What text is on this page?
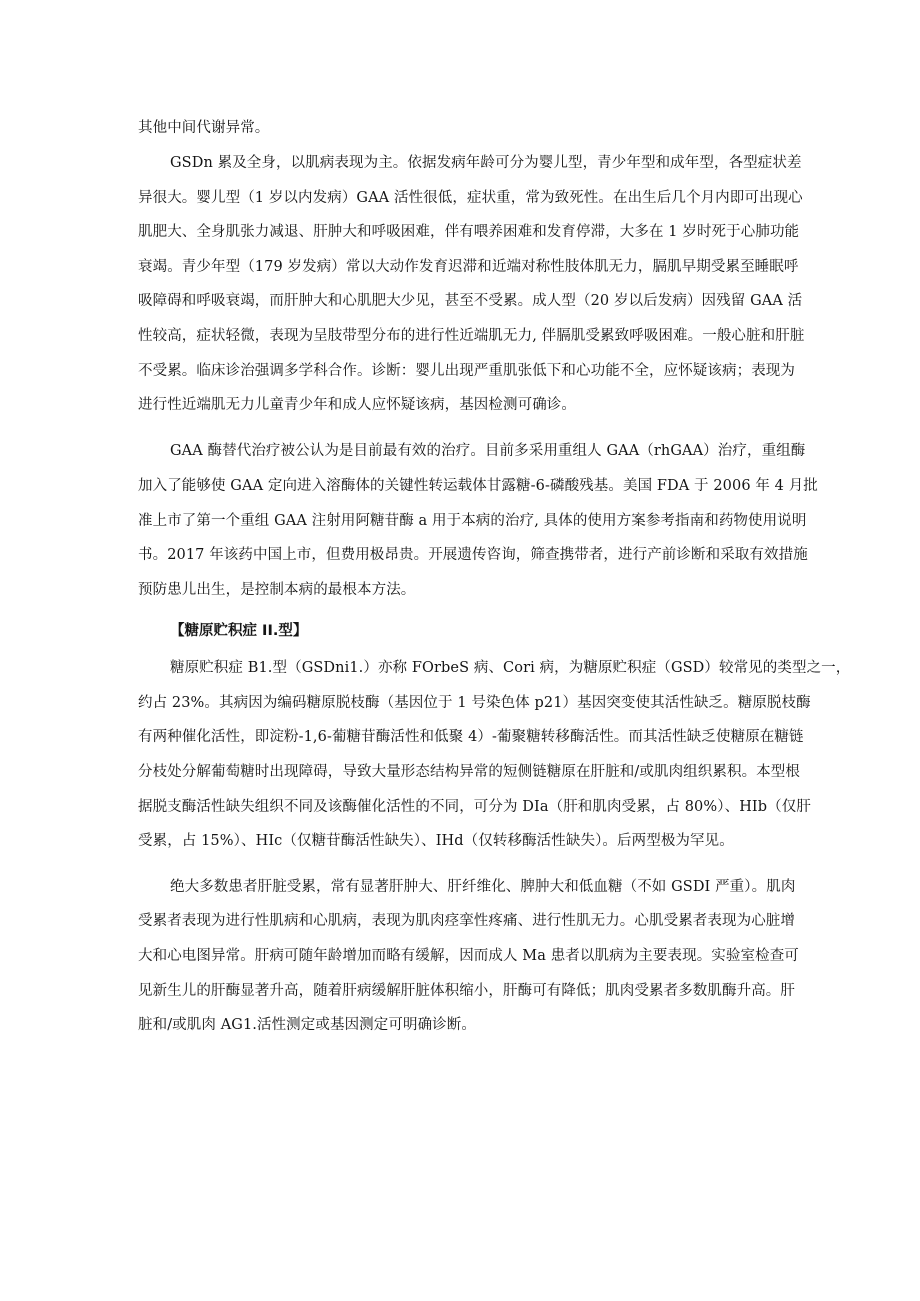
其他中间代谢异常。
GSDn 累及全身，以肌病表现为主。依据发病年龄可分为婴儿型，青少年型和成年型，各型症状差
异很大。婴儿型（1 岁以内发病）GAA 活性很低，症状重，常为致死性。在出生后几个月内即可出现心
肌肥大、全身肌张力减退、肝肿大和呼吸困难，伴有喂养困难和发育停滞，大多在 1 岁时死于心肺功能
衰竭。青少年型（179 岁发病）常以大动作发育迟滞和近端对称性肢体肌无力，膈肌早期受累至睡眠呼
吸障碍和呼吸衰竭，而肝肿大和心肌肥大少见，甚至不受累。成人型（20 岁以后发病）因残留 GAA 活
性较高，症状轻微，表现为呈肢带型分布的进行性近端肌无力, 伴膈肌受累致呼吸困难。一般心脏和肝脏
不受累。临床诊治强调多学科合作。诊断：婴儿出现严重肌张低下和心功能不全，应怀疑该病；表现为
进行性近端肌无力儿童青少年和成人应怀疑该病，基因检测可确诊。
GAA 酶替代治疗被公认为是目前最有效的治疗。目前多采用重组人 GAA（rhGAA）治疗，重组酶
加入了能够使 GAA 定向进入溶酶体的关键性转运载体甘露糖-6-磷酸残基。美国 FDA 于 2006 年 4 月批
准上市了第一个重组 GAA 注射用阿糖苷酶 a 用于本病的治疗, 具体的使用方案参考指南和药物使用说明
书。2017 年该药中国上市，但费用极昂贵。开展遗传咨询，筛查携带者，进行产前诊断和采取有效措施
预防患儿出生，是控制本病的最根本方法。
【糖原贮积症 II.型】
糖原贮积症 B1.型（GSDni1.）亦称 FOrbeS 病、Cori 病，为糖原贮积症（GSD）较常见的类型之一，
约占 23%。其病因为编码糖原脱枝酶（基因位于 1 号染色体 p21）基因突变使其活性缺乏。糖原脱枝酶
有两种催化活性，即淀粉-1,6-葡糖苷酶活性和低聚 4）-葡聚糖转移酶活性。而其活性缺乏使糖原在糖链
分枝处分解葡萄糖时出现障碍，导致大量形态结构异常的短侧链糖原在肝脏和/或肌肉组织累积。本型根
据脱支酶活性缺失组织不同及该酶催化活性的不同，可分为 DIa（肝和肌肉受累，占 80%）、HIb（仅肝
受累，占 15%）、HIc（仅糖苷酶活性缺失）、IHd（仅转移酶活性缺失）。后两型极为罕见。
绝大多数患者肝脏受累，常有显著肝肿大、肝纤维化、脾肿大和低血糖（不如 GSDI 严重）。肌肉
受累者表现为进行性肌病和心肌病，表现为肌肉痉挛性疼痛、进行性肌无力。心肌受累者表现为心脏增
大和心电图异常。肝病可随年龄增加而略有缓解，因而成人 Ma 患者以肌病为主要表现。实验室检查可
见新生儿的肝酶显著升高，随着肝病缓解肝脏体积缩小，肝酶可有降低；肌肉受累者多数肌酶升高。肝
脏和/或肌肉 AG1.活性测定或基因测定可明确诊断。
